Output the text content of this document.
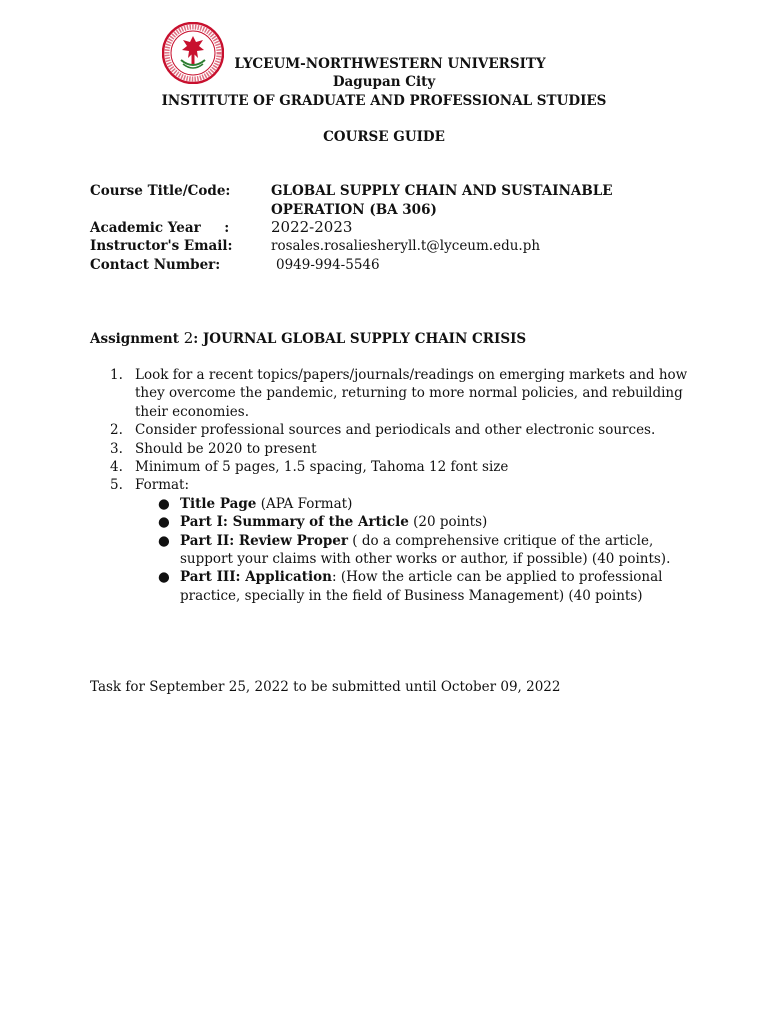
LYCEUM-NORTHWESTERN UNIVERSITY
Dagupan City
INSTITUTE OF GRADUATE AND PROFESSIONAL STUDIES
COURSE GUIDE
Course Title/Code:	GLOBAL SUPPLY CHAIN AND SUSTAINABLE
OPERATION (BA 306)
Academic Year     :	2022-2023
Instructor's Email:	rosales.rosaliesheryll.t@lyceum.edu.ph
Contact Number:	0949-994-5546
Assignment 2: JOURNAL GLOBAL SUPPLY CHAIN CRISIS
1. Look for a recent topics/papers/journals/readings on emerging markets and how they overcome the pandemic, returning to more normal policies, and rebuilding their economies.
2. Consider professional sources and periodicals and other electronic sources.
3. Should be 2020 to present
4. Minimum of 5 pages, 1.5 spacing, Tahoma 12 font size
5. Format:
● Title Page (APA Format)
● Part I: Summary of the Article (20 points)
● Part II: Review Proper ( do a comprehensive critique of the article, support your claims with other works or author, if possible) (40 points).
● Part III: Application: (How the article can be applied to professional practice, specially in the field of Business Management) (40 points)
Task for September 25, 2022 to be submitted until October 09, 2022
